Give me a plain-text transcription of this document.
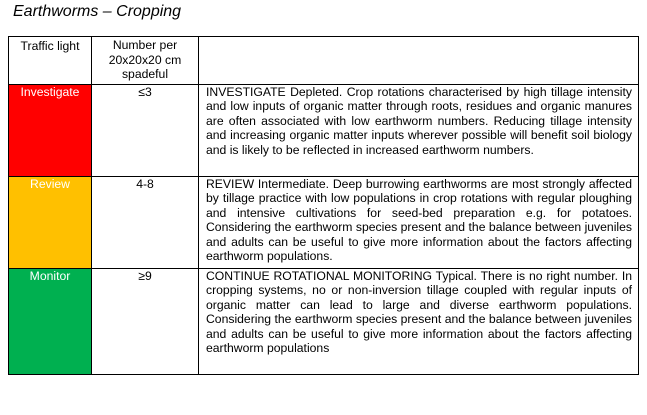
Earthworms – Cropping
Traffic light	Number per 20x20x20 cm spadeful	
Investigate	≤3	INVESTIGATE Depleted. Crop rotations characterised by high tillage intensity and low inputs of organic matter through roots, residues and organic manures are often associated with low earthworm numbers. Reducing tillage intensity and increasing organic matter inputs wherever possible will benefit soil biology and is likely to be reflected in increased earthworm numbers.
Review	4-8	REVIEW Intermediate. Deep burrowing earthworms are most strongly affected by tillage practice with low populations in crop rotations with regular ploughing and intensive cultivations for seed-bed preparation e.g. for potatoes. Considering the earthworm species present and the balance between juveniles and adults can be useful to give more information about the factors affecting earthworm populations.
Monitor	≥9	CONTINUE ROTATIONAL MONITORING Typical. There is no right number. In cropping systems, no or non-inversion tillage coupled with regular inputs of organic matter can lead to large and diverse earthworm populations. Considering the earthworm species present and the balance between juveniles and adults can be useful to give more information about the factors affecting earthworm populations
